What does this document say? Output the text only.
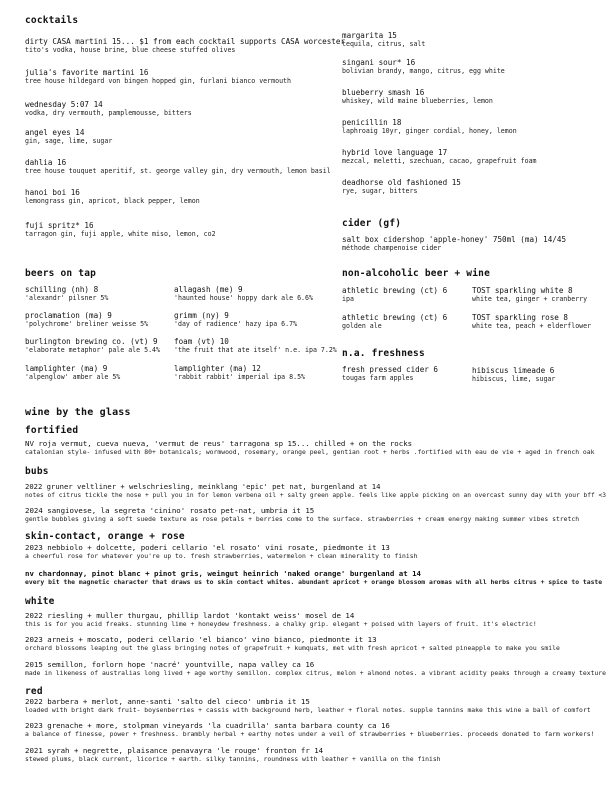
cocktails
dirty CASA martini 15... $1 from each cocktail supports CASA worcester
tito's vodka, house brine, blue cheese stuffed olives
julia's favorite martini 16
tree house hildegard von bingen hopped gin, furlani bianco vermouth
wednesday 5:07 14
vodka, dry vermouth, pamplemousse, bitters
angel eyes 14
gin, sage, lime, sugar
dahlia 16
tree house touquet aperitif, st. george valley gin, dry vermouth, lemon basil
hanoi boi 16
lemongrass gin, apricot, black pepper, lemon
fuji spritz* 16
tarragon gin, fuji apple, white miso, lemon, co2
margarita 15
tequila, citrus, salt
singani sour* 16
bolivian brandy, mango, citrus, egg white
blueberry smash 16
whiskey, wild maine blueberries, lemon
penicillin 18
laphroaig 10yr, ginger cordial, honey, lemon
hybrid love language 17
mezcal, meletti, szechuan, cacao, grapefruit foam
deadhorse old fashioned 15
rye, sugar, bitters
cider (gf)
salt box cidershop 'apple-honey' 750ml (ma) 14/45
méthode champenoise cider
beers on tap
schilling (nh) 8
'alexandr' pilsner 5%
proclamation (ma) 9
'polychrome' breliner weisse 5%
burlington brewing co. (vt) 9
'elaborate metaphor' pale ale 5.4%
lamplighter (ma) 9
'alpenglow' amber ale 5%
allagash (me) 9
'haunted house' hoppy dark ale 6.6%
grimm (ny) 9
'day of radience' hazy ipa 6.7%
foam (vt) 10
'the fruit that ate itself' n.e. ipa 7.2%
lamplighter (ma) 12
'rabbit rabbit' imperial ipa 8.5%
non-alcoholic beer + wine
athletic brewing (ct) 6
ipa
TOST sparkling white 8
white tea, ginger + cranberry
athletic brewing (ct) 6
golden ale
TOST sparkling rose 8
white tea, peach + elderflower
n.a. freshness
fresh pressed cider 6
tougas farm apples
hibiscus limeade 6
hibiscus, lime, sugar
wine by the glass
fortified
NV roja vermut, cueva nueva, 'vermut de reus' tarragona sp 15... chilled + on the rocks
catalonian style- infused with 80+ botanicals; wormwood, rosemary, orange peel, gentian root + herbs .fortified with eau de vie + aged in french oak
bubs
2022 gruner veltliner + welschriesling, meinklang 'epic' pet nat, burgenland at 14
notes of citrus tickle the nose + pull you in for lemon verbena oil + salty green apple. feels like apple picking on an overcast sunny day with your bff <3
2024 sangiovese, la segreta 'cinino' rosato pet-nat, umbria it 15
gentle bubbles giving a soft suede texture as rose petals + berries come to the surface. strawberries + cream energy making summer vibes stretch
skin-contact, orange + rose
2023 nebbiolo + dolcette, poderi cellario 'el rosato' vini rosate, piedmonte it 13
a cheerful rose for whatever you're up to. fresh strawberries, watermelon + clean minerality to finish
nv chardonnay, pinot blanc + pinot gris, weingut heinrich 'naked orange' burgenland at 14
every bit the magnetic character that draws us to skin contact whites. abundant apricot + orange blossom aromas with all herbs citrus + spice to taste
white
2022 riesling + muller thurgau, phillip lardot 'kontakt weiss' mosel de 14
this is for you acid freaks. stunning lime + honeydew freshness. a chalky grip. elegant + poised with layers of fruit. it's electric!
2023 arneis + moscato, poderi cellario 'el bianco' vino bianco, piedmonte it 13
orchard blossoms leaping out the glass bringing notes of grapefruit + kumquats, met with fresh apricot + salted pineapple to make you smile
2015 semillon, forlorn hope 'nacré' yountville, napa valley ca 16
made in likeness of australias long lived + age worthy semillon. complex citrus, melon + almond notes. a vibrant acidity peaks through a creamy texture
red
2022 barbera + merlot, anne-santi 'salto del cieco' umbria it 15
loaded with bright dark fruit- boysenberries + cassis with background herb, leather + floral notes. supple tannins make this wine a ball of comfort
2023 grenache + more, stolpman vineyards 'la cuadrilla' santa barbara county ca 16
a balance of finesse, power + freshness. brambly herbal + earthy notes under a veil of strawberries + blueberries. proceeds donated to farm workers!
2021 syrah + negrette, plaisance penavayra 'le rouge' fronton fr 14
stewed plums, black current, licorice + earth. silky tannins, roundness with leather + vanilla on the finish
